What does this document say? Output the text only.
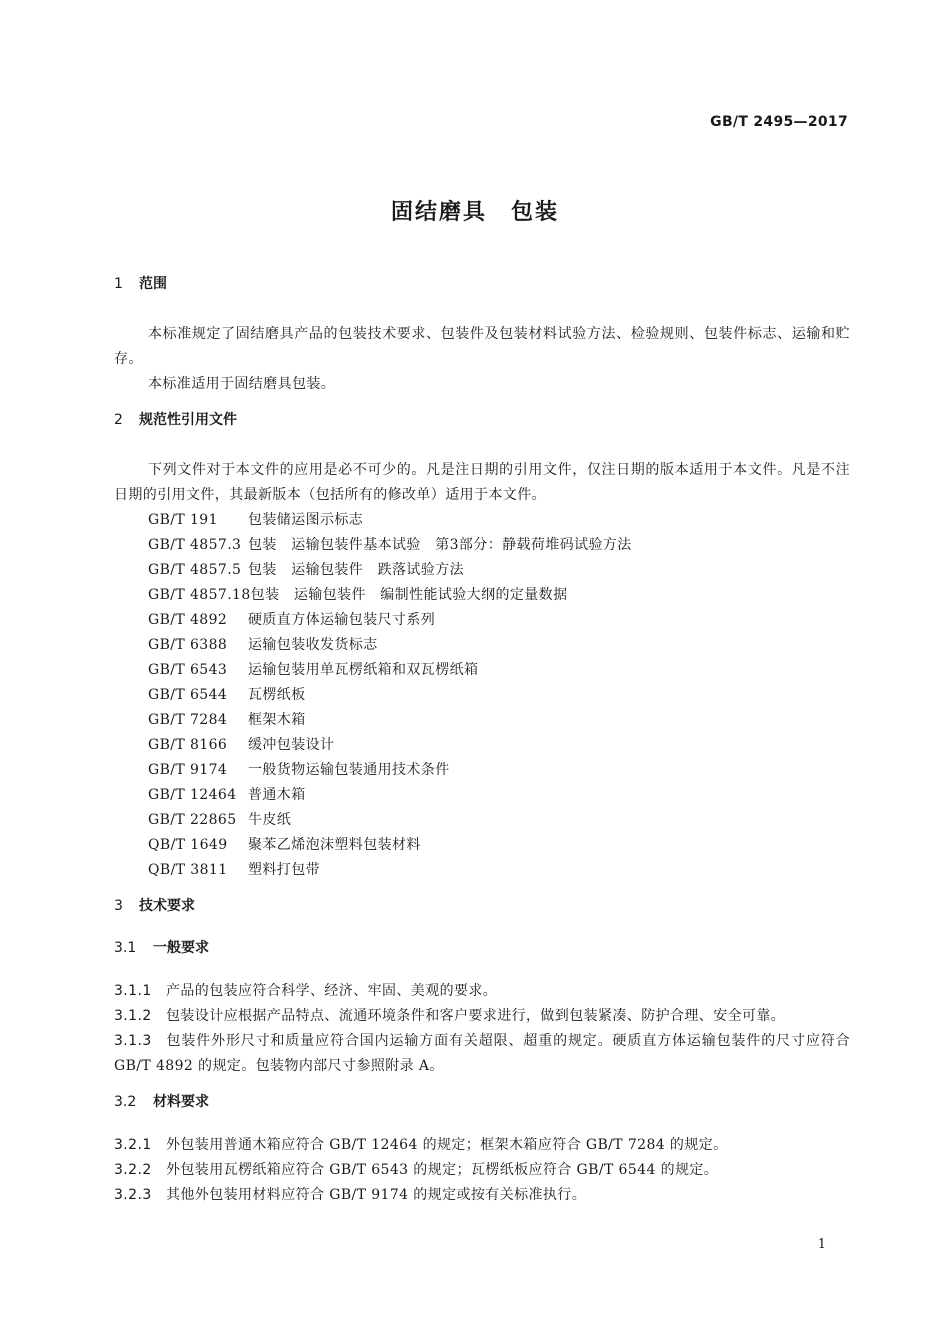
GB/T 2495—2017
固结磨具　包装
1 范围
本标准规定了固结磨具产品的包装技术要求、包装件及包装材料试验方法、检验规则、包装件标志、运输和贮存。
本标准适用于固结磨具包装。
2 规范性引用文件
下列文件对于本文件的应用是必不可少的。凡是注日期的引用文件，仅注日期的版本适用于本文件。凡是不注日期的引用文件，其最新版本（包括所有的修改单）适用于本文件。
GB/T 191 包装储运图示标志
GB/T 4857.3 包装　运输包装件基本试验　第3部分：静载荷堆码试验方法
GB/T 4857.5 包装　运输包装件　跌落试验方法
GB/T 4857.18包装　运输包装件　编制性能试验大纲的定量数据
GB/T 4892 硬质直方体运输包装尺寸系列
GB/T 6388 运输包装收发货标志
GB/T 6543 运输包装用单瓦楞纸箱和双瓦楞纸箱
GB/T 6544 瓦楞纸板
GB/T 7284 框架木箱
GB/T 8166 缓冲包装设计
GB/T 9174 一般货物运输包装通用技术条件
GB/T 12464 普通木箱
GB/T 22865 牛皮纸
QB/T 1649 聚苯乙烯泡沫塑料包装材料
QB/T 3811 塑料打包带
3 技术要求
3.1 一般要求
3.1.1 产品的包装应符合科学、经济、牢固、美观的要求。
3.1.2 包装设计应根据产品特点、流通环境条件和客户要求进行，做到包装紧凑、防护合理、安全可靠。
3.1.3 包装件外形尺寸和质量应符合国内运输方面有关超限、超重的规定。硬质直方体运输包装件的尺寸应符合 GB/T 4892 的规定。包装物内部尺寸参照附录 A。
3.2 材料要求
3.2.1 外包装用普通木箱应符合 GB/T 12464 的规定；框架木箱应符合 GB/T 7284 的规定。
3.2.2 外包装用瓦楞纸箱应符合 GB/T 6543 的规定；瓦楞纸板应符合 GB/T 6544 的规定。
3.2.3 其他外包装用材料应符合 GB/T 9174 的规定或按有关标准执行。
1
